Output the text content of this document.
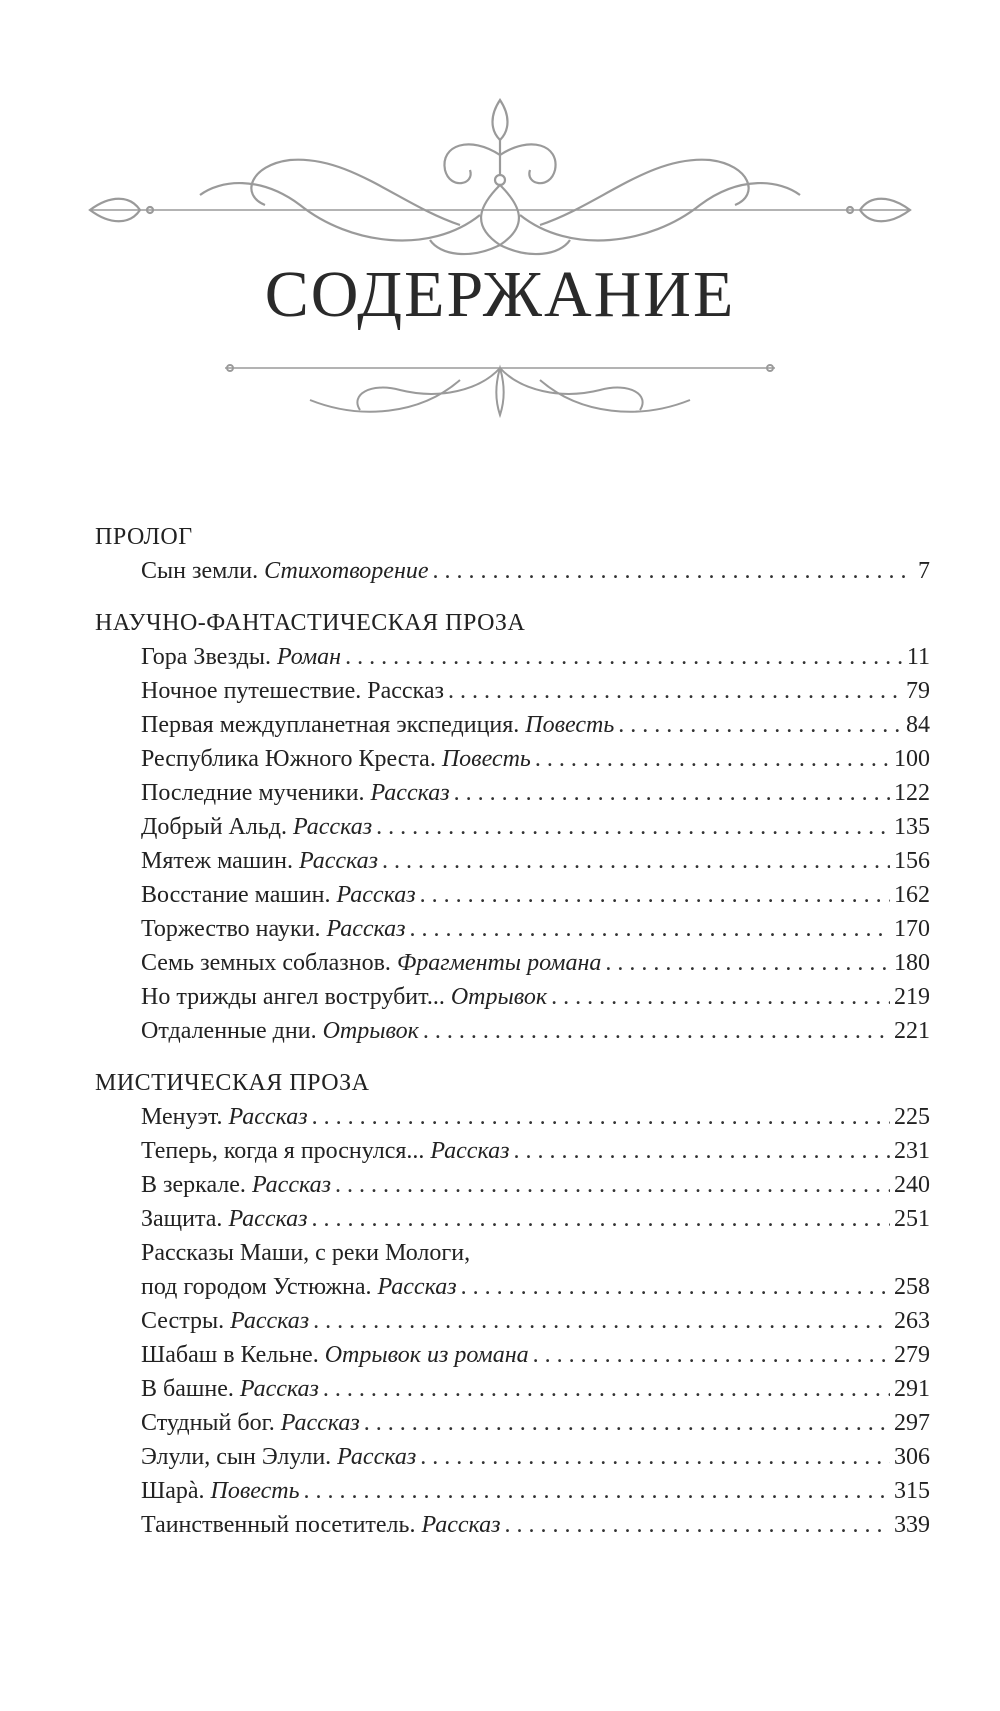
СОДЕРЖАНИЕ
ПРОЛОГ
Сын земли. Стихотворение . . .	7
НАУЧНО-ФАНТАСТИЧЕСКАЯ ПРОЗА
Гора Звезды. Роман . . .	11
Ночное путешествие. Рассказ . . .	79
Первая междупланетная экспедиция. Повесть . . .	84
Республика Южного Креста. Повесть . . .	100
Последние мученики. Рассказ . . .	122
Добрый Альд. Рассказ . . .	135
Мятеж машин. Рассказ . . .	156
Восстание машин. Рассказ . . .	162
Торжество науки. Рассказ . . .	170
Семь земных соблазнов. Фрагменты романа . . .	180
Но трижды ангел вострубит... Отрывок . . .	219
Отдаленные дни. Отрывок . . .	221
МИСТИЧЕСКАЯ ПРОЗА
Менуэт. Рассказ . . .	225
Теперь, когда я проснулся... Рассказ . . .	231
В зеркале. Рассказ . . .	240
Защита. Рассказ . . .	251
Рассказы Маши, с реки Мологи,
под городом Устюжна. Рассказ . . .	258
Сестры. Рассказ . . .	263
Шабаш в Кельне. Отрывок из романа . . .	279
В башне. Рассказ . . .	291
Студный бог. Рассказ . . .	297
Элули, сын Элули. Рассказ . . .	306
Шарà. Повесть . . .	315
Таинственный посетитель. Рассказ . . .	339
